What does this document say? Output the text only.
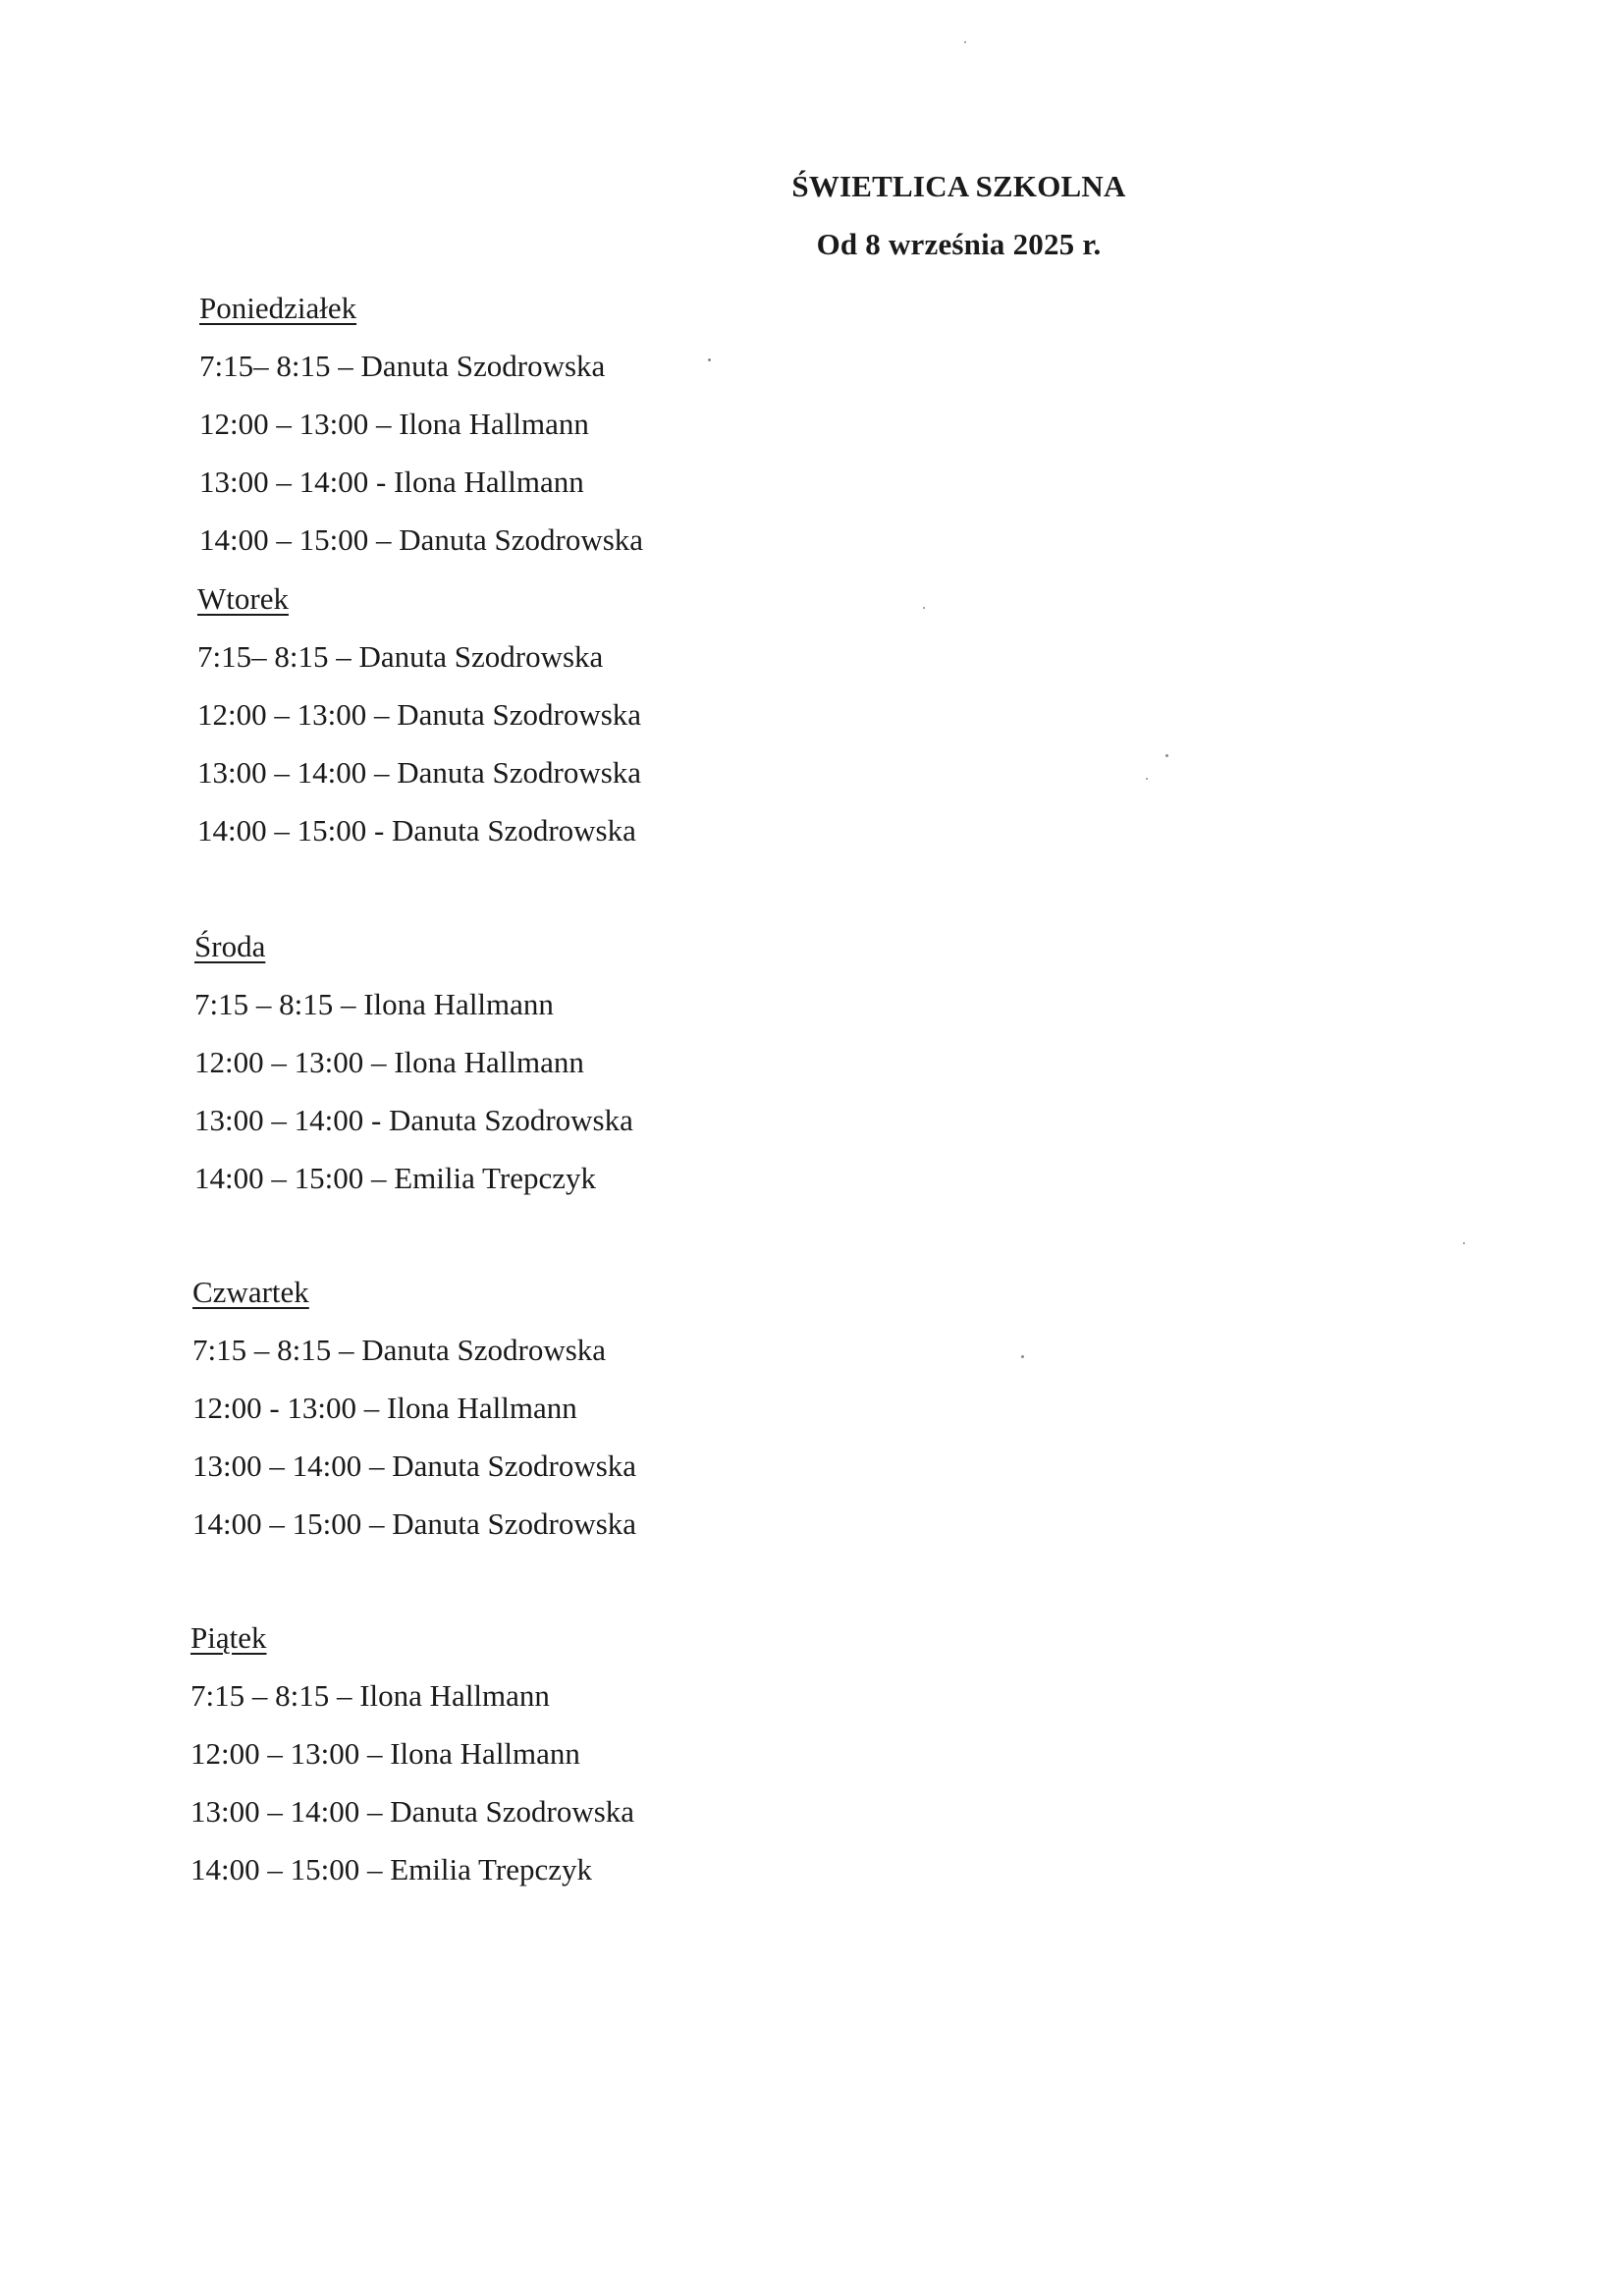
ŚWIETLICA SZKOLNA
Od 8 września 2025 r.
Poniedziałek
7:15– 8:15 – Danuta Szodrowska
12:00 – 13:00 – Ilona Hallmann
13:00 – 14:00 - Ilona Hallmann
14:00 – 15:00 – Danuta Szodrowska
Wtorek
7:15– 8:15 – Danuta Szodrowska
12:00 – 13:00 – Danuta Szodrowska
13:00 – 14:00 – Danuta Szodrowska
14:00 – 15:00 - Danuta Szodrowska
Środa
7:15 – 8:15 – Ilona Hallmann
12:00 – 13:00 – Ilona Hallmann
13:00 – 14:00 - Danuta Szodrowska
14:00 – 15:00 – Emilia Trepczyk
Czwartek
7:15 – 8:15 – Danuta Szodrowska
12:00 - 13:00 – Ilona Hallmann
13:00 – 14:00 – Danuta Szodrowska
14:00 – 15:00 – Danuta Szodrowska
Piątek
7:15 – 8:15 – Ilona Hallmann
12:00 – 13:00 – Ilona Hallmann
13:00 – 14:00 – Danuta Szodrowska
14:00 – 15:00 – Emilia Trepczyk
